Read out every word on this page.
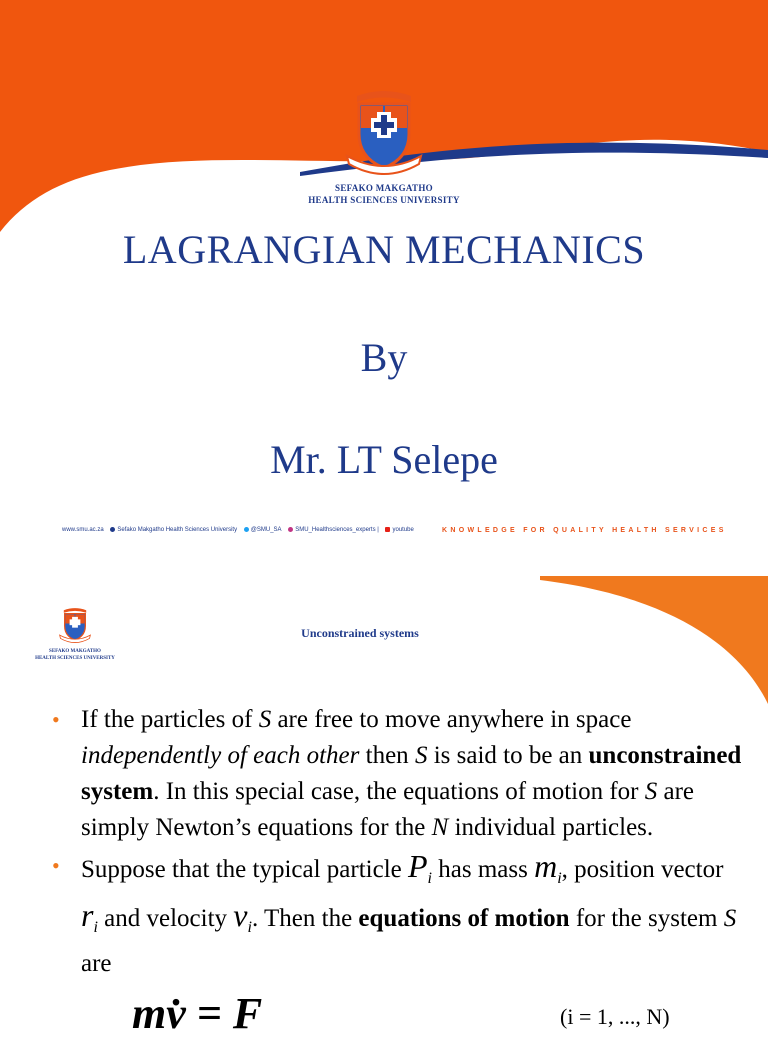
SEFAKO MAKGATHO
HEALTH SCIENCES UNIVERSITY
LAGRANGIAN MECHANICS
By
Mr. LT Selepe
www.smu.ac.za Sefako Makgatho Health Sciences University @SMU_SA SMU_Healthsciences_experts | youtube	KNOWLEDGE FOR QUALITY HEALTH SERVICES
SEFAKO MAKGATHO
HEALTH SCIENCES UNIVERSITY
Unconstrained systems
• If the particles of S are free to move anywhere in space independently of each other then S is said to be an unconstrained system. In this special case, the equations of motion for S are simply Newton’s equations for the N individual particles.
• Suppose that the typical particle $P_i$ has mass $m_i$, position vector $r_i$ and velocity $v_i$. Then the equations of motion for the system S are
mv̇ = F	(i = 1, ..., N)
